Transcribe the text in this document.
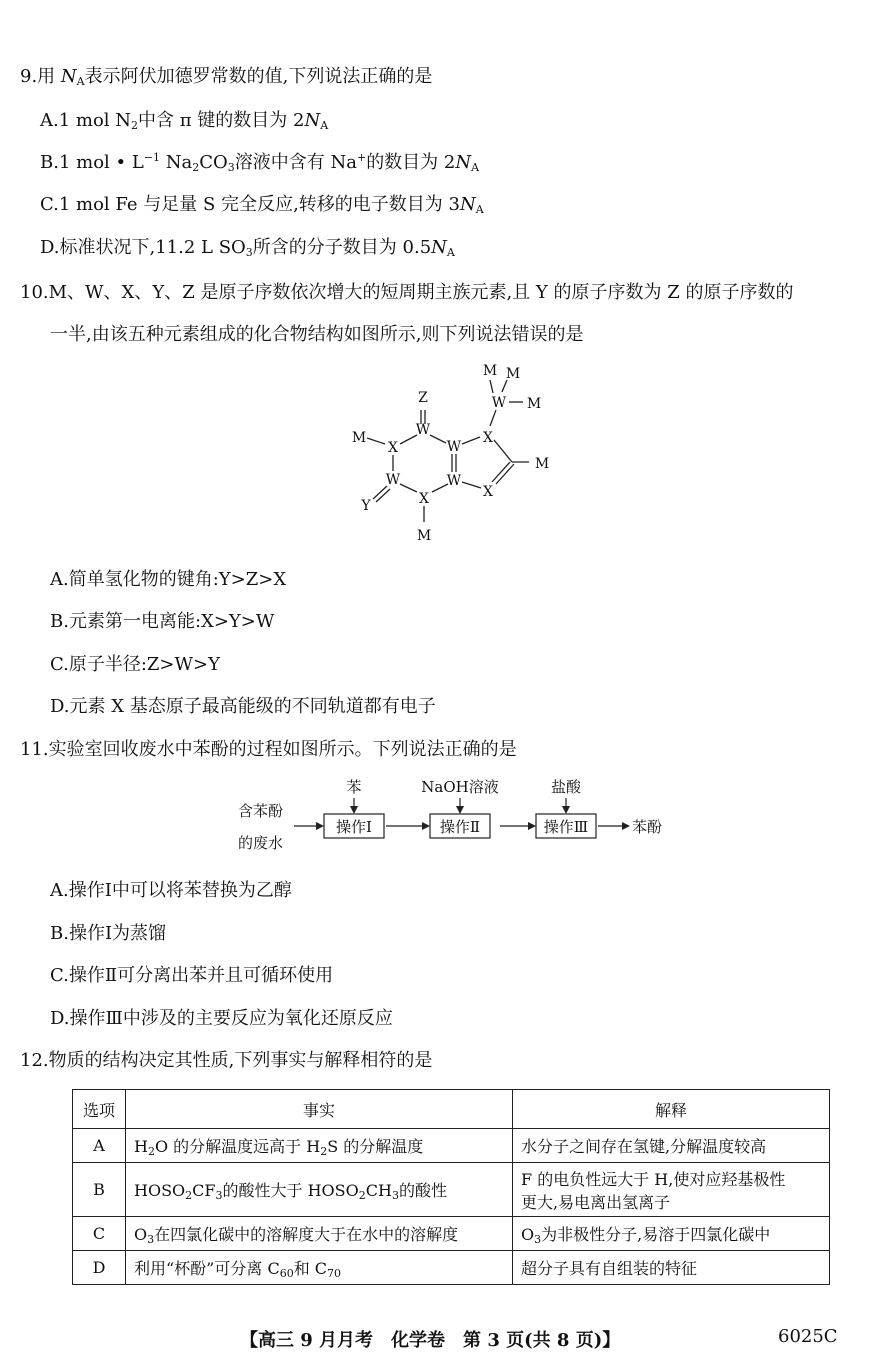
9.用 $N_A$表示阿伏加德罗常数的值,下列说法正确的是
A.1 mol $N_2$中含 π 键的数目为 $2N_A$
B.1 mol • $L^{-1}$ $Na_2CO_3$溶液中含有 Na+的数目为 $2N_A$
C.1 mol Fe 与足量 S 完全反应,转移的电子数目为 $3N_A$
D.标准状况下,11.2 L $SO_3$所含的分子数目为 $0.5N_A$
10.M、W、X、Y、Z 是原子序数依次增大的短周期主族元素,且 Y 的原子序数为 Z 的原子序数的
一半,由该五种元素组成的化合物结构如图所示,则下列说法错误的是
Z
W
M
X
W
Y	X
M
W
W
X
X
W
M M
M
M
A.简单氢化物的键角:Y>Z>X
B.元素第一电离能:X>Y>W
C.原子半径:Z>W>Y
D.元素 X 基态原子最高能级的不同轨道都有电子
11.实验室回收废水中苯酚的过程如图所示。下列说法正确的是
含苯酚
的废水
苯	NaOH溶液	盐酸
操作Ⅰ	操作Ⅱ	操作Ⅲ	苯酚
A.操作Ⅰ中可以将苯替换为乙醇
B.操作Ⅰ为蒸馏
C.操作Ⅱ可分离出苯并且可循环使用
D.操作Ⅲ中涉及的主要反应为氧化还原反应
12.物质的结构决定其性质,下列事实与解释相符的是
选项	事实	解释
A	$H_2O$ 的分解温度远高于 $H_2S$ 的分解温度	水分子之间存在氢键,分解温度较高
B	$HOSO_2CF_3$的酸性大于 $HOSO_2CH_3$的酸性	F 的电负性远大于 H,使对应羟基极性
更大,易电离出氢离子

C	$O_3$在四氯化碳中的溶解度大于在水中的溶解度	$O_3$为非极性分子,易溶于四氯化碳中
D	利用“杯酚”可分离 $C_{60}$和 $C_{70}$	超分子具有自组装的特征
【高三 9 月月考　化学卷　第 3 页(共 8 页)】	6025C
